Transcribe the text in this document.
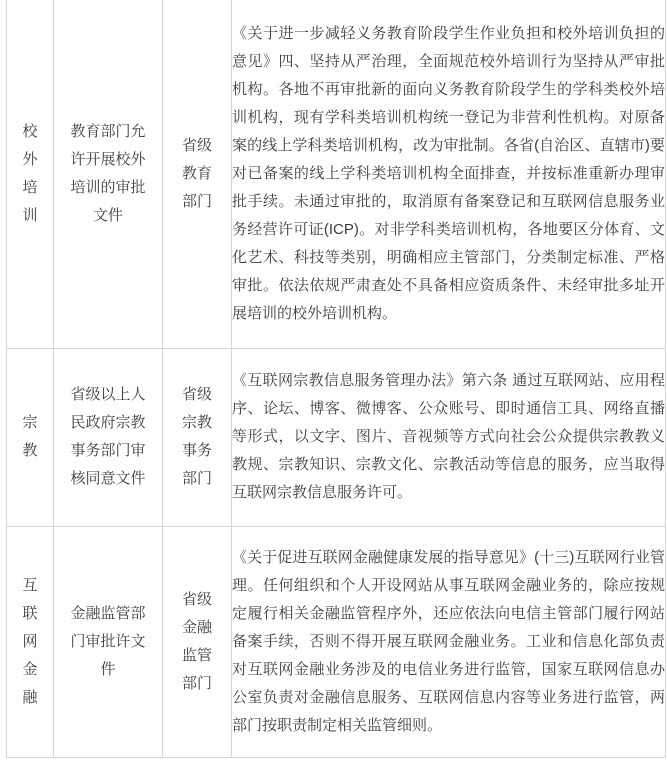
校外培训	教育部门允许开展校外培训的审批文件	省级教育部门	《关于进一步减轻义务教育阶段学生作业负担和校外培训负担的意见》四、坚持从严治理，全面规范校外培训行为坚持从严审批机构。各地不再审批新的面向义务教育阶段学生的学科类校外培训机构，现有学科类培训机构统一登记为非营利性机构。对原备案的线上学科类培训机构，改为审批制。各省(自治区、直辖市)要对已备案的线上学科类培训机构全面排查，并按标准重新办理审批手续。未通过审批的，取消原有备案登记和互联网信息服务业务经营许可证(ICP)。对非学科类培训机构，各地要区分体育、文化艺术、科技等类别，明确相应主管部门，分类制定标准、严格审批。依法依规严肃查处不具备相应资质条件、未经审批多址开展培训的校外培训机构。

宗教	省级以上人民政府宗教事务部门审核同意文件	省级宗教事务部门	《互联网宗教信息服务管理办法》第六条 通过互联网站、应用程序、论坛、博客、微博客、公众账号、即时通信工具、网络直播等形式，以文字、图片、音视频等方式向社会公众提供宗教教义教规、宗教知识、宗教文化、宗教活动等信息的服务，应当取得互联网宗教信息服务许可。

互联网金融	金融监管部门审批许文件	省级金融监管部门	《关于促进互联网金融健康发展的指导意见》(十三)互联网行业管理。任何组织和个人开设网站从事互联网金融业务的，除应按规定履行相关金融监管程序外，还应依法向电信主管部门履行网站备案手续，否则不得开展互联网金融业务。工业和信息化部负责对互联网金融业务涉及的电信业务进行监管，国家互联网信息办公室负责对金融信息服务、互联网信息内容等业务进行监管，两部门按职责制定相关监管细则。
